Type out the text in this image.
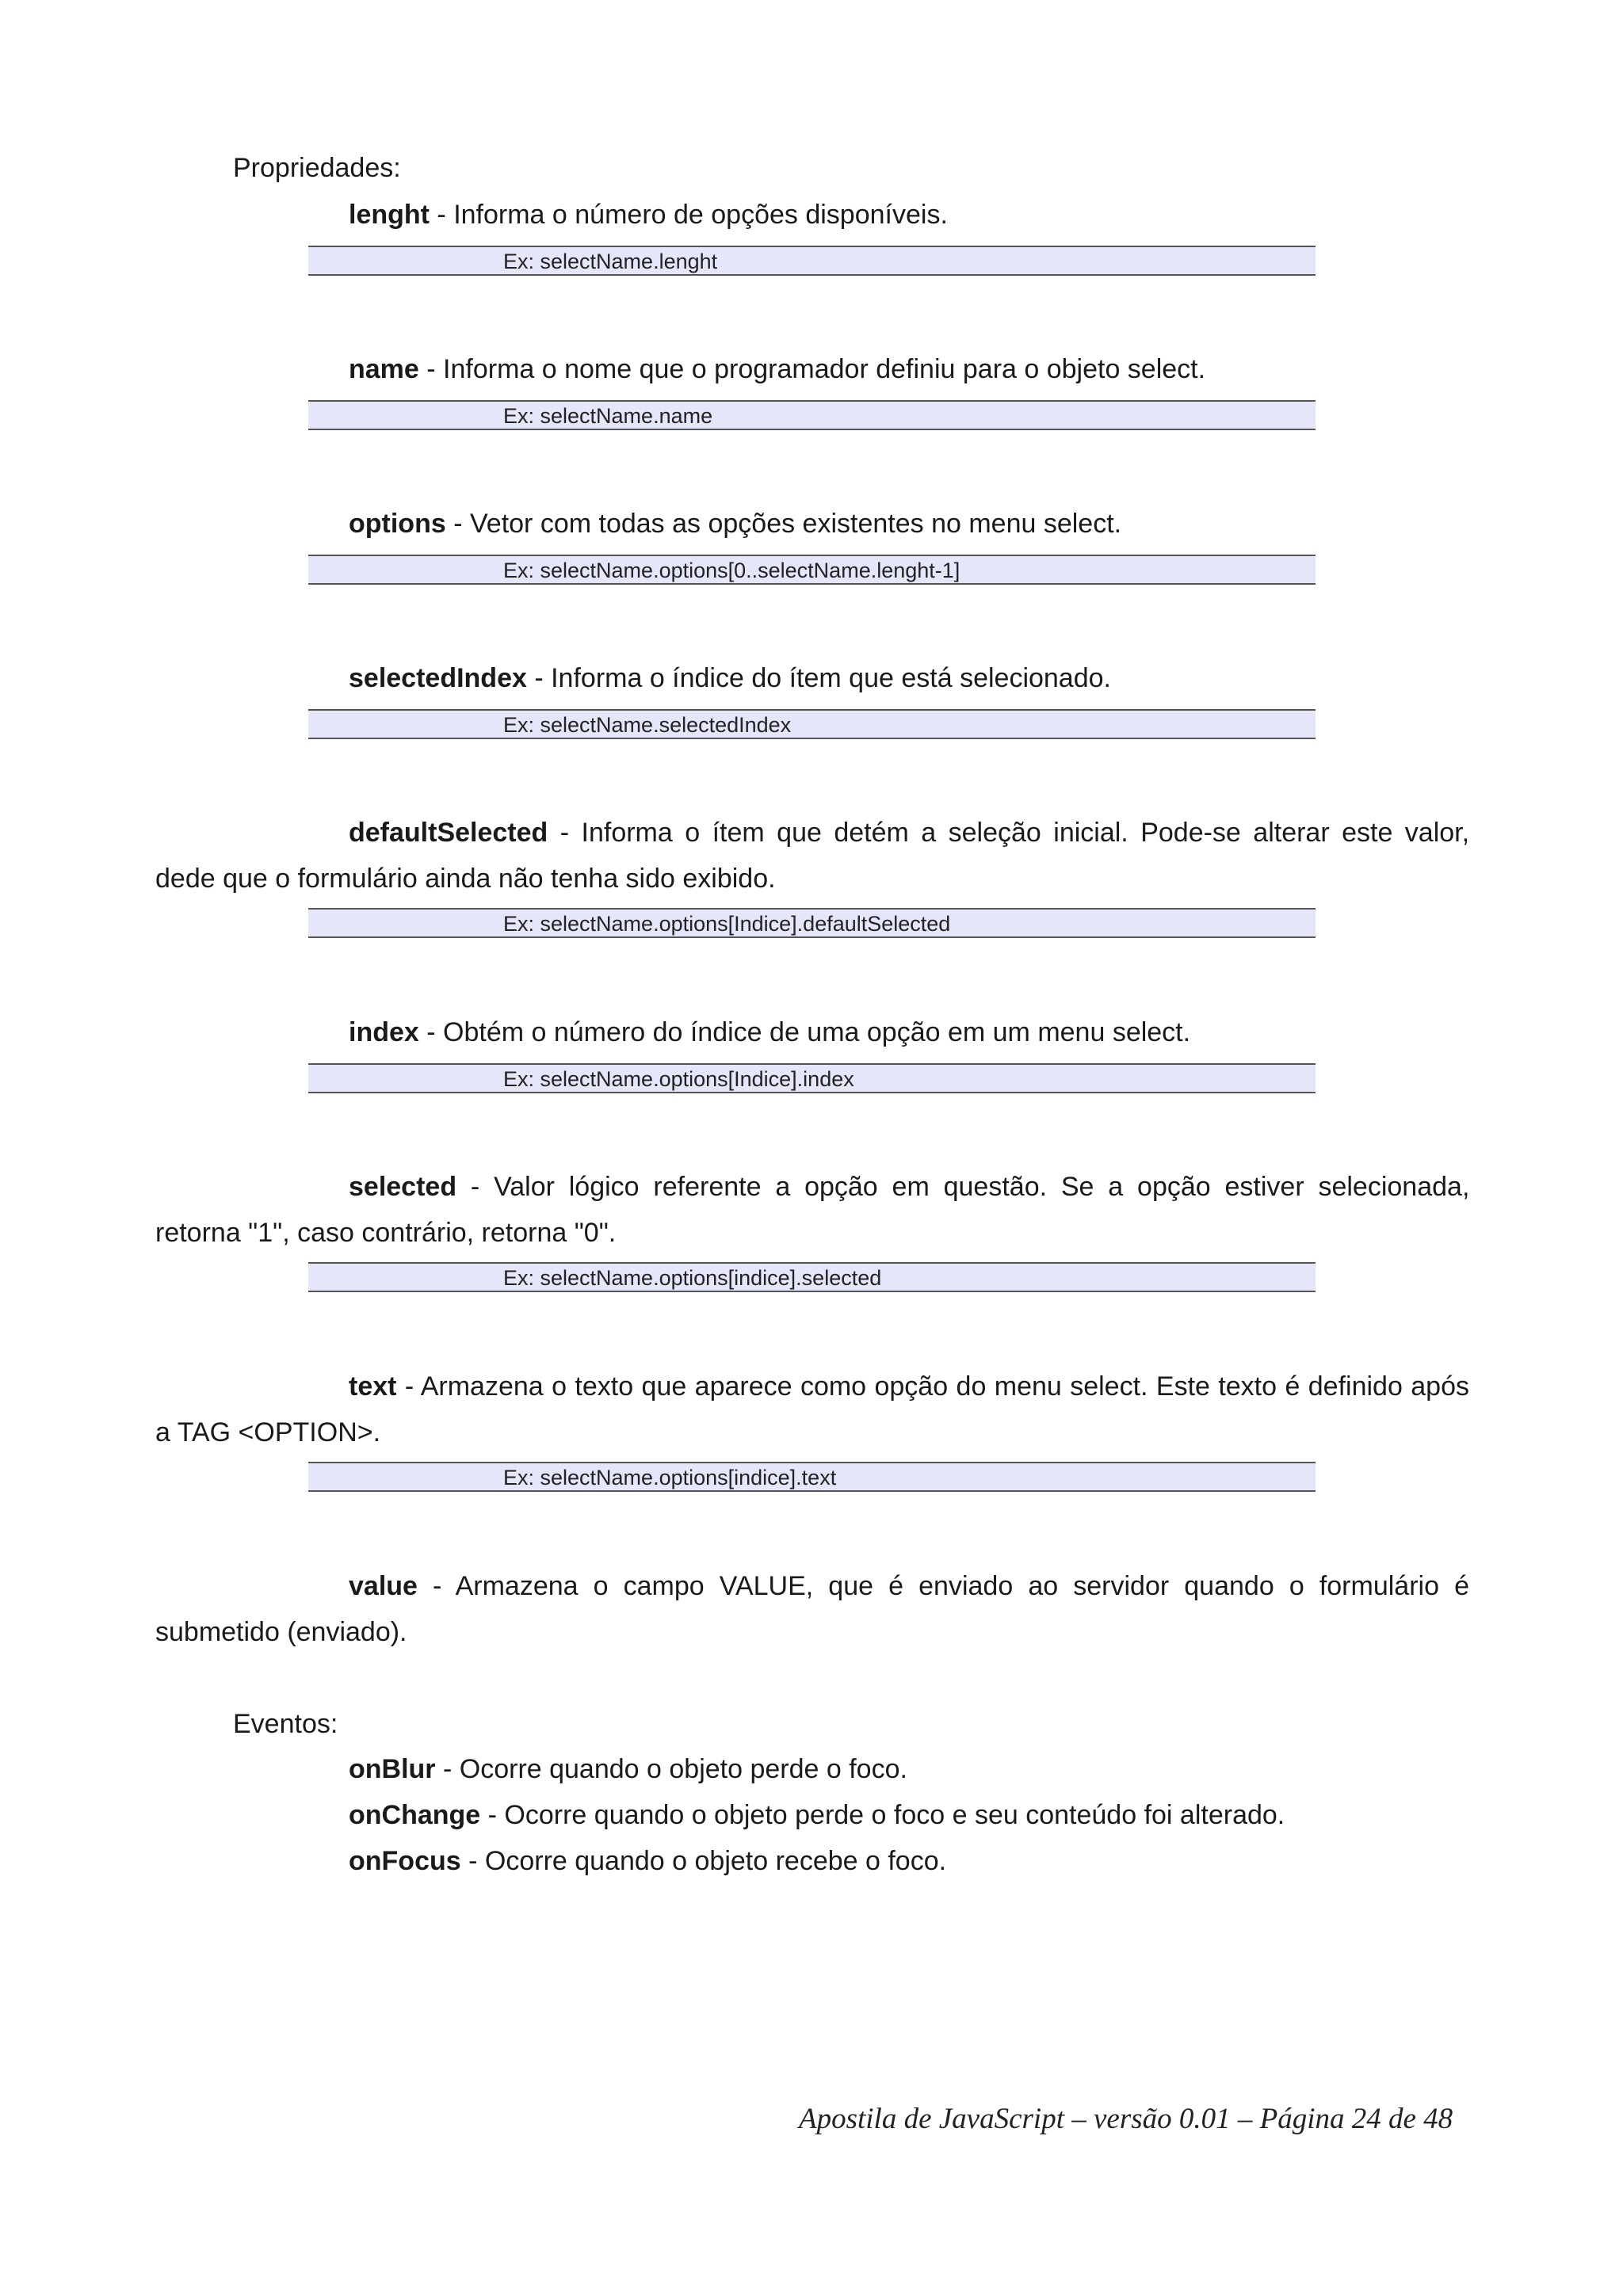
Propriedades:
lenght - Informa o número de opções disponíveis.
Ex: selectName.lenght
name - Informa o nome que o programador definiu para o objeto select.
Ex: selectName.name
options - Vetor com todas as opções existentes no menu select.
Ex: selectName.options[0..selectName.lenght-1]
selectedIndex - Informa o índice do ítem que está selecionado.
Ex: selectName.selectedIndex
defaultSelected - Informa o ítem que detém a seleção inicial. Pode-se alterar este valor,
dede que o formulário ainda não tenha sido exibido.
Ex: selectName.options[Indice].defaultSelected
index - Obtém o número do índice de uma opção em um menu select.
Ex: selectName.options[Indice].index
selected - Valor lógico referente a opção em questão. Se a opção estiver selecionada,
retorna "1", caso contrário, retorna "0".
Ex: selectName.options[indice].selected
text - Armazena o texto que aparece como opção do menu select. Este texto é definido após
a TAG <OPTION>.
Ex: selectName.options[indice].text
value - Armazena o campo VALUE, que é enviado ao servidor quando o formulário é
submetido (enviado).
Eventos:
onBlur - Ocorre quando o objeto perde o foco.
onChange - Ocorre quando o objeto perde o foco e seu conteúdo foi alterado.
onFocus - Ocorre quando o objeto recebe o foco.
Apostila de JavaScript – versão 0.01 – Página 24 de 48
